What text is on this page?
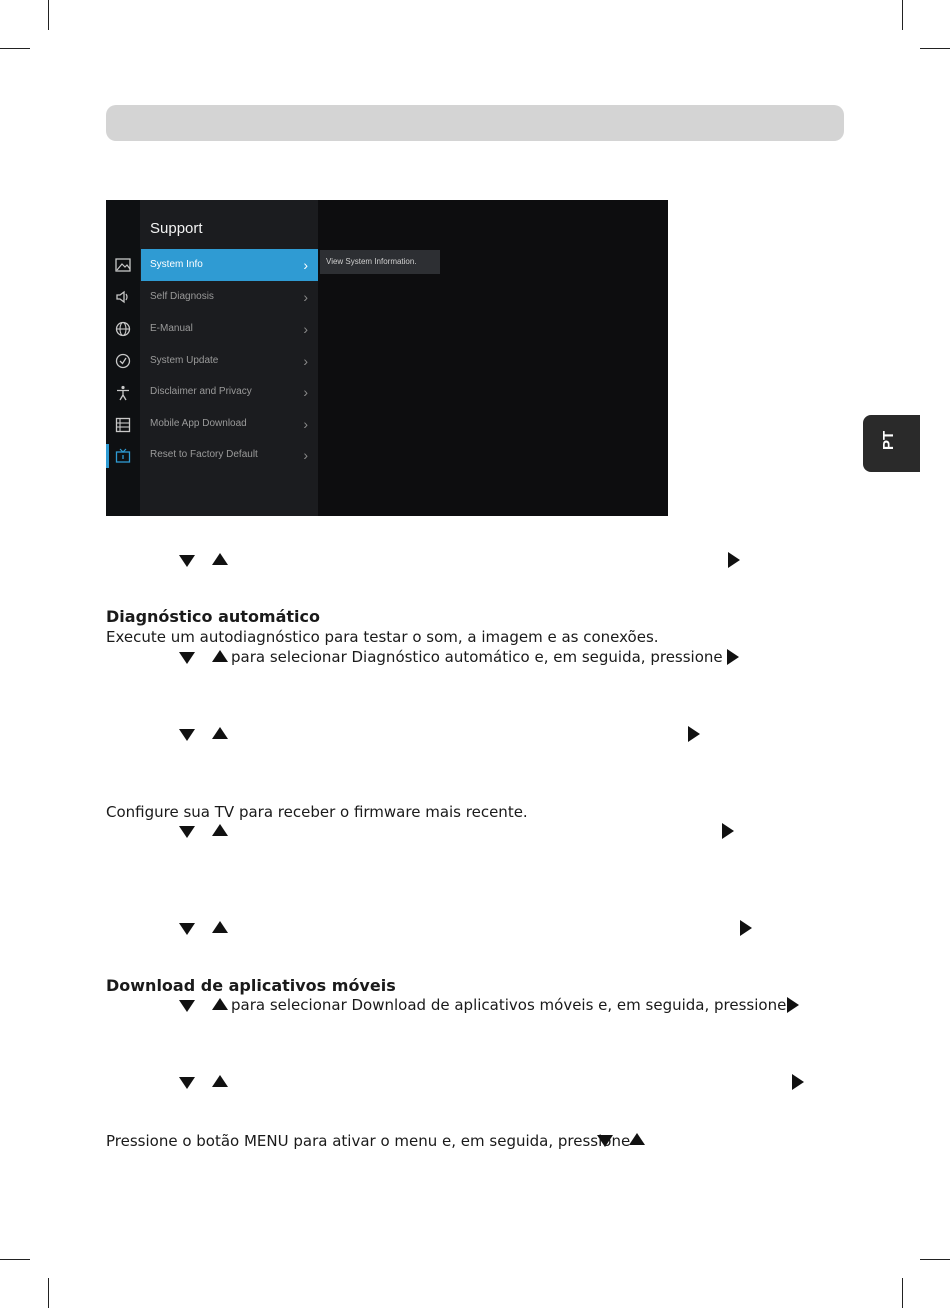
Support
System Info	›
Self Diagnosis	›
E-Manual	›
System Update	›
Disclaimer and Privacy	›
Mobile App Download	›
Reset to Factory Default	›
View System Information.
PT
Diagnóstico automático
Execute um autodiagnóstico para testar o som, a imagem e as conexões.
para selecionar Diagnóstico automático e, em seguida, pressione
Configure sua TV para receber o firmware mais recente.
Download de aplicativos móveis
para selecionar Download de aplicativos móveis e, em seguida, pressione
Pressione o botão MENU para ativar o menu e, em seguida, pressione
